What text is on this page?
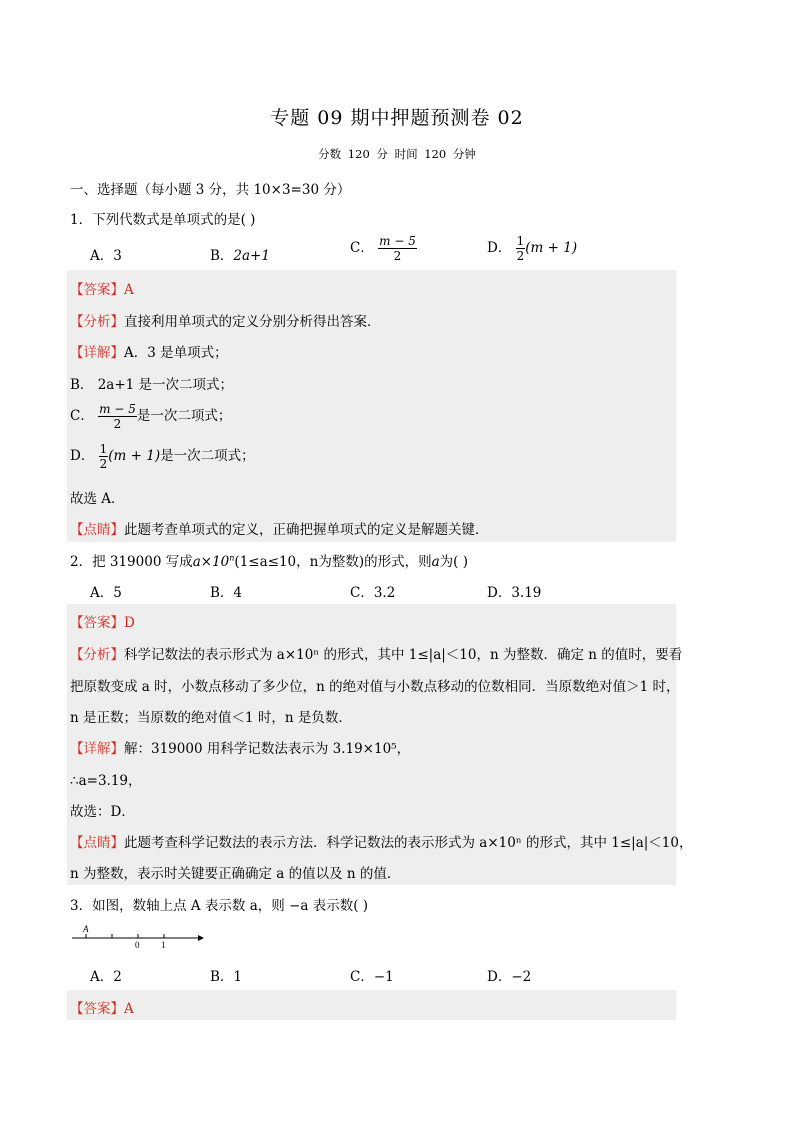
专题 09 期中押题预测卷 02
分数 120 分 时间 120 分钟
一、选择题（每小题 3 分，共 10×3=30 分）
1．下列代数式是单项式的是( )
A．3	B．2a+1	C． $\frac{m - 5}{2}$	D． $\frac{1}{2} (m + 1)$
【答案】A
【分析】直接利用单项式的定义分别分析得出答案．
【详解】A．3 是单项式；
B． 2a+1 是一次二项式；
C． $\frac{m - 5}{2}$ 是一次二项式；
D． $\frac{1}{2} (m + 1)$是一次二项式；
故选 A．
【点睛】此题考查单项式的定义，正确把握单项式的定义是解题关键．
2．把 319000 写成$a\times 10^n(1\le a\le 10$，n为整数)的形式，则a为( )
A．5	B．4	C．3.2	D．3.19
【答案】D
【分析】科学记数法的表示形式为 a×10ⁿ 的形式，其中 1≤|a|＜10，n 为整数．确定 n 的值时，要看
把原数变成 a 时，小数点移动了多少位，n 的绝对值与小数点移动的位数相同．当原数绝对值＞1 时，
n 是正数；当原数的绝对值＜1 时，n 是负数．
【详解】解：319000 用科学记数法表示为 3.19×10⁵，
∴a=3.19，
故选：D．
【点睛】此题考查科学记数法的表示方法．科学记数法的表示形式为 a×10ⁿ 的形式，其中 1≤|a|＜10，
n 为整数，表示时关键要正确确定 a 的值以及 n 的值．
3．如图，数轴上点 A 表示数 a，则 −a 表示数( )
A
0 1
A．2	B．1	C．−1	D．−2
【答案】A
